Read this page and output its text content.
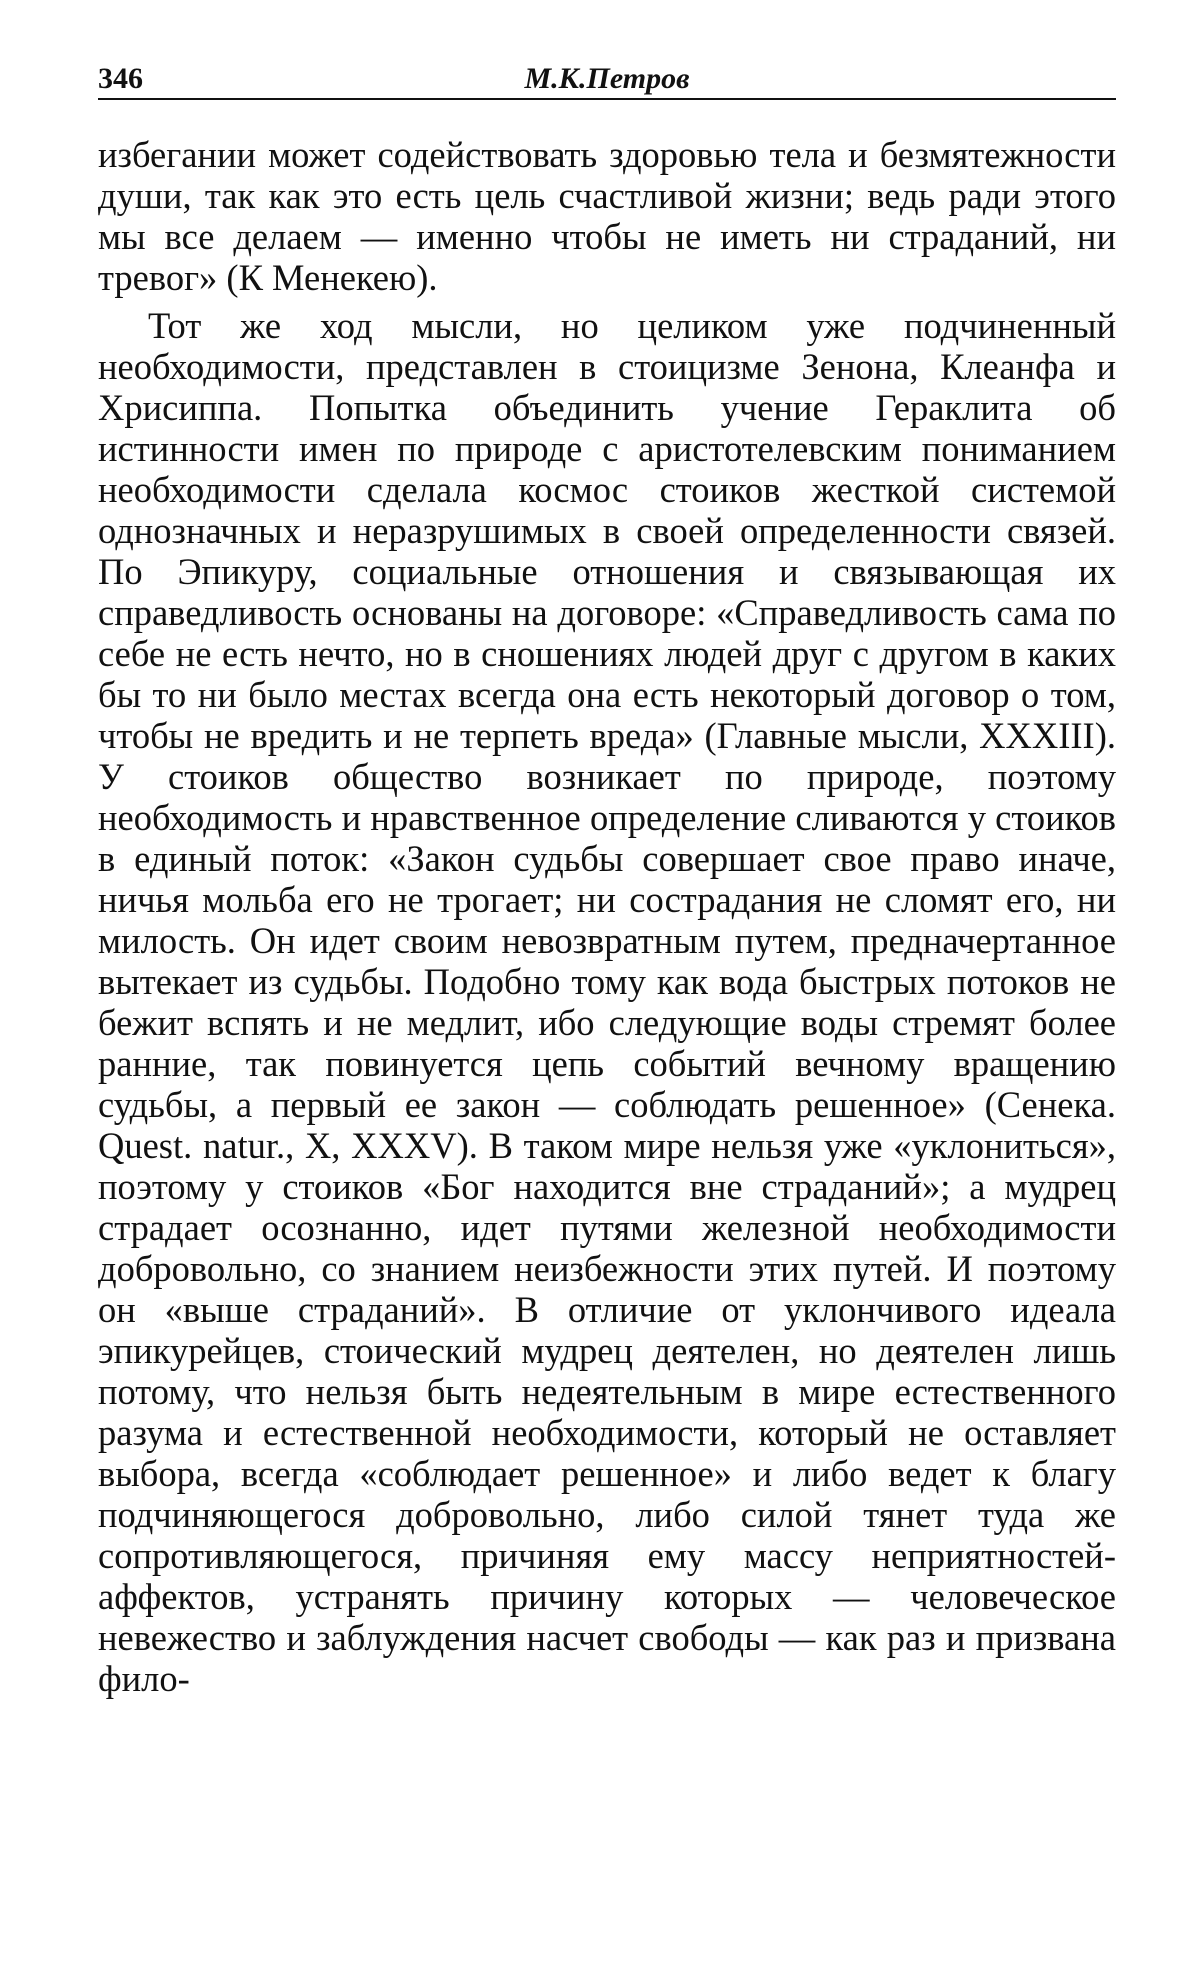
346	М.К.Петров

избегании может содействовать здоровью тела и безмятежности души, так как это есть цель счастливой жизни; ведь ради этого мы все делаем — именно чтобы не иметь ни страданий, ни тревог» (К Менекею).

Тот же ход мысли, но целиком уже подчиненный необходимости, представлен в стоицизме Зенона, Клеанфа и Хрисиппа. Попытка объединить учение Гераклита об истинности имен по природе с аристотелевским пониманием необходимости сделала космос стоиков жесткой системой однозначных и неразрушимых в своей определенности связей. По Эпикуру, социальные отношения и связывающая их справедливость основаны на договоре: «Справедливость сама по себе не есть нечто, но в сношениях людей друг с другом в каких бы то ни было местах всегда она есть некоторый договор о том, чтобы не вредить и не терпеть вреда» (Главные мысли, XXXIII). У стоиков общество возникает по природе, поэтому необходимость и нравственное определение сливаются у стоиков в единый поток: «Закон судьбы совершает свое право иначе, ничья мольба его не трогает; ни сострадания не сломят его, ни милость. Он идет своим невозвратным путем, предначертанное вытекает из судьбы. Подобно тому как вода быстрых потоков не бежит вспять и не медлит, ибо следующие воды стремят более ранние, так повинуется цепь событий вечному вращению судьбы, а первый ее закон — соблюдать решенное» (Сенека. Quest. natur., X, XXXV). В таком мире нельзя уже «уклониться», поэтому у стоиков «Бог находится вне страданий»; а мудрец страдает осознанно, идет путями железной необходимости добровольно, со знанием неизбежности этих путей. И поэтому он «выше страданий». В отличие от уклончивого идеала эпикурейцев, стоический мудрец деятелен, но деятелен лишь потому, что нельзя быть недеятельным в мире естественного разума и естественной необходимости, который не оставляет выбора, всегда «соблюдает решенное» и либо ведет к благу подчиняющегося добровольно, либо силой тянет туда же сопротивляющегося, причиняя ему массу неприятностей-аффектов, устранять причину которых — человеческое невежество и заблуждения насчет свободы — как раз и призвана фило-
